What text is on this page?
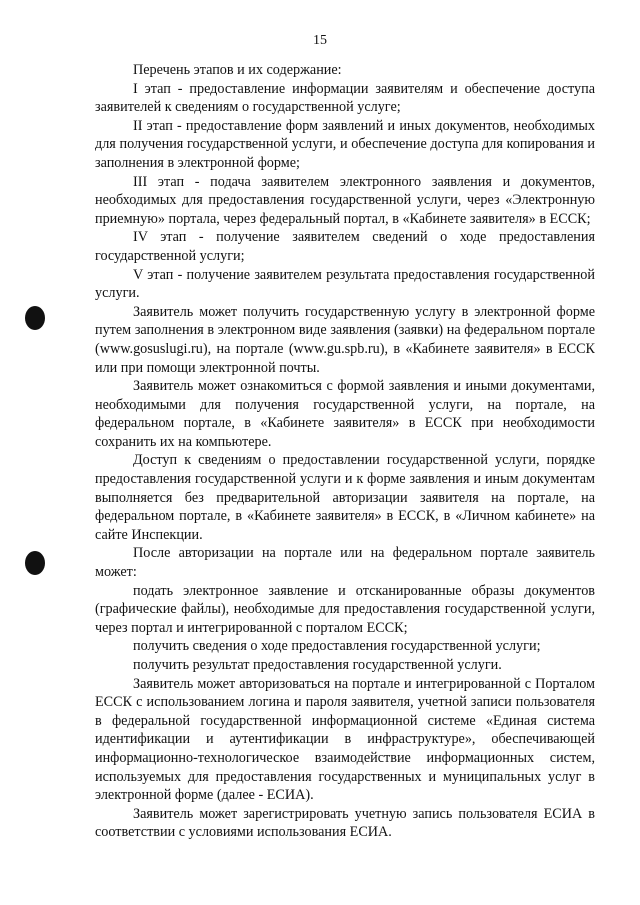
15

Перечень этапов и их содержание:

I этап - предоставление информации заявителям и обеспечение доступа заявителей к сведениям о государственной услуге;

II этап - предоставление форм заявлений и иных документов, необходимых для получения государственной услуги, и обеспечение доступа для копирования и заполнения в электронной форме;

III этап - подача заявителем электронного заявления и документов, необходимых для предоставления государственной услуги, через «Электронную приемную» портала, через федеральный портал, в «Кабинете заявителя» в ЕССК;

IV этап - получение заявителем сведений о ходе предоставления государственной услуги;

V этап - получение заявителем результата предоставления государственной услуги.

Заявитель может получить государственную услугу в электронной форме путем заполнения в электронном виде заявления (заявки) на федеральном портале (www.gosuslugi.ru), на портале (www.gu.spb.ru), в «Кабинете заявителя» в ЕССК или при помощи электронной почты.

Заявитель может ознакомиться с формой заявления и иными документами, необходимыми для получения государственной услуги, на портале, на федеральном портале, в «Кабинете заявителя» в ЕССК при необходимости сохранить их на компьютере.

Доступ к сведениям о предоставлении государственной услуги, порядке предоставления государственной услуги и к форме заявления и иным документам выполняется без предварительной авторизации заявителя на портале, на федеральном портале, в «Кабинете заявителя» в ЕССК, в «Личном кабинете» на сайте Инспекции.

После авторизации на портале или на федеральном портале заявитель может:

подать электронное заявление и отсканированные образы документов (графические файлы), необходимые для предоставления государственной услуги, через портал и интегрированной с порталом ЕССК;

получить сведения о ходе предоставления государственной услуги;

получить результат предоставления государственной услуги.

Заявитель может авторизоваться на портале и интегрированной с Порталом ЕССК с использованием логина и пароля заявителя, учетной записи пользователя в федеральной государственной информационной системе «Единая система идентификации и аутентификации в инфраструктуре», обеспечивающей информационно-технологическое взаимодействие информационных систем, используемых для предоставления государственных и муниципальных услуг в электронной форме (далее - ЕСИА).

Заявитель может зарегистрировать учетную запись пользователя ЕСИА в соответствии с условиями использования ЕСИА.
